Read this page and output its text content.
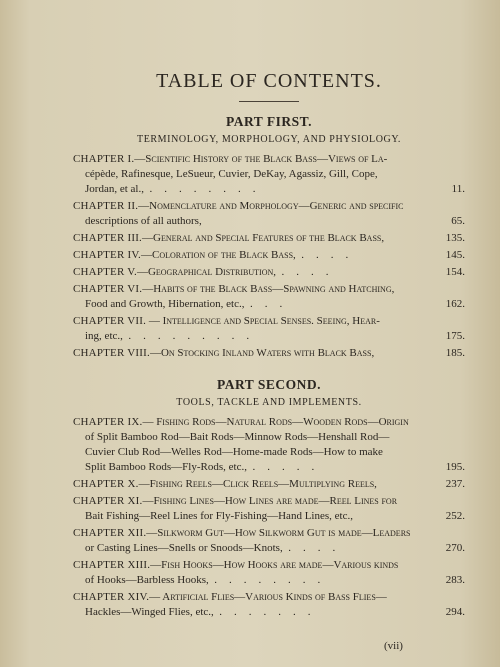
TABLE OF CONTENTS.
PART FIRST.
TERMINOLOGY, MORPHOLOGY, AND PHYSIOLOGY.
CHAPTER I.—Scientific History of the Black Bass—Views of La-
cépède, Rafinesque, LeSueur, Cuvier, DeKay, Agassiz, Gill, Cope,
Jordan, et al., ........	11.
CHAPTER II.—Nomenclature and Morphology—Generic and specific
descriptions of all authors,	65.
CHAPTER III.—General and Special Features of the Black Bass,	135.
CHAPTER IV.—Coloration of the Black Bass, ....	145.
CHAPTER V.—Geographical Distribution, ....	154.
CHAPTER VI.—Habits of the Black Bass—Spawning and Hatching,
Food and Growth, Hibernation, etc., ...	162.
CHAPTER VII. — Intelligence and Special Senses. Seeing, Hear-
ing, etc., .........	175.
CHAPTER VIII.—On Stocking Inland Waters with Black Bass,	185.
PART SECOND.
TOOLS, TACKLE AND IMPLEMENTS.
CHAPTER IX.— Fishing Rods—Natural Rods—Wooden Rods—Origin
of Split Bamboo Rod—Bait Rods—Minnow Rods—Henshall Rod—
Cuvier Club Rod—Welles Rod—Home-made Rods—How to make
Split Bamboo Rods—Fly-Rods, etc., .....	195.
CHAPTER X.—Fishing Reels—Click Reels—Multiplying Reels,	237.
CHAPTER XI.—Fishing Lines—How Lines are made—Reel Lines for
Bait Fishing—Reel Lines for Fly-Fishing—Hand Lines, etc.,	252.
CHAPTER XII.—Silkworm Gut—How Silkworm Gut is made—Leaders
or Casting Lines—Snells or Snoods—Knots, ....	270.
CHAPTER XIII.—Fish Hooks—How Hooks are made—Various kinds
of Hooks—Barbless Hooks, ........	283.
CHAPTER XIV.— Artificial Flies—Various Kinds of Bass Flies—
Hackles—Winged Flies, etc., .......	294.
(vii)
